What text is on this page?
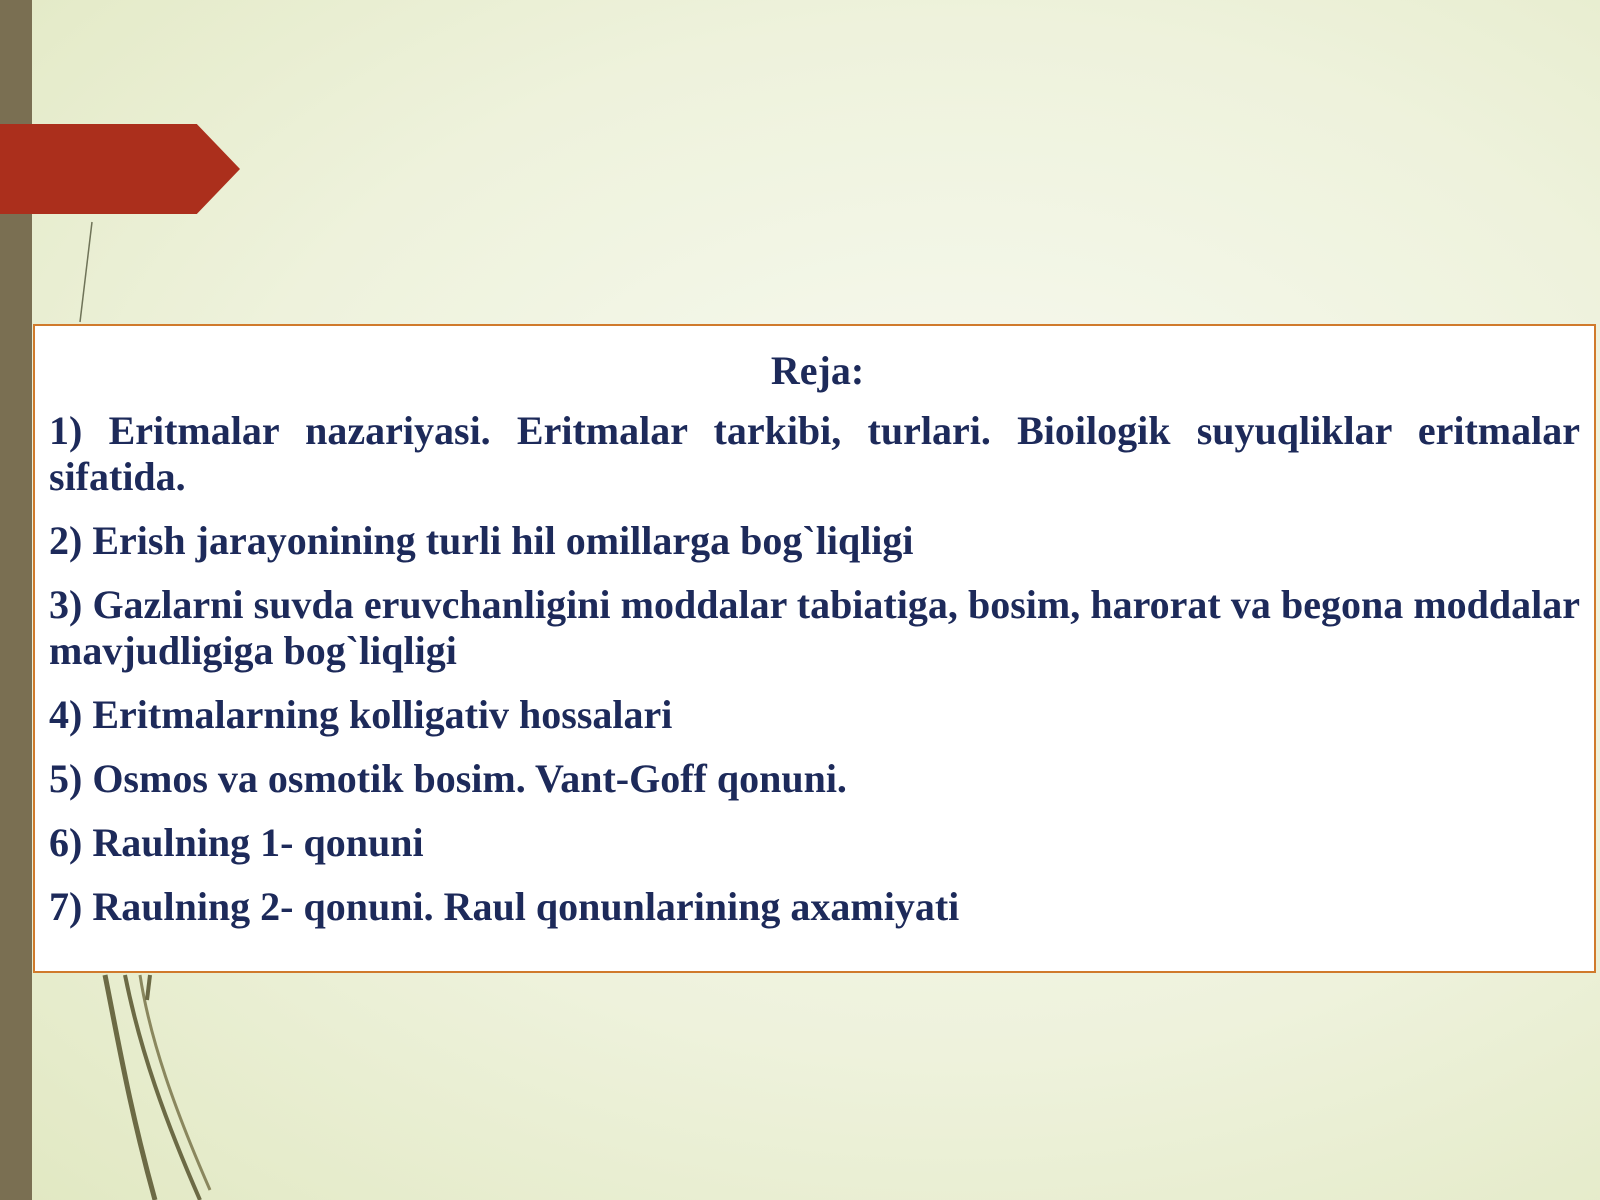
Reja:
1) Eritmalar nazariyasi. Eritmalar tarkibi, turlari. Bioilogik suyuqliklar eritmalar sifatida.
2) Erish jarayonining turli hil omillarga bog`liqligi
3) Gazlarni suvda eruvchanligini moddalar tabiatiga, bosim, harorat va begona moddalar mavjudligiga bog`liqligi
4) Eritmalarning kolligativ hossalari
5) Osmos va osmotik bosim. Vant-Goff qonuni.
6) Raulning 1- qonuni
7) Raulning 2- qonuni. Raul qonunlarining axamiyati
